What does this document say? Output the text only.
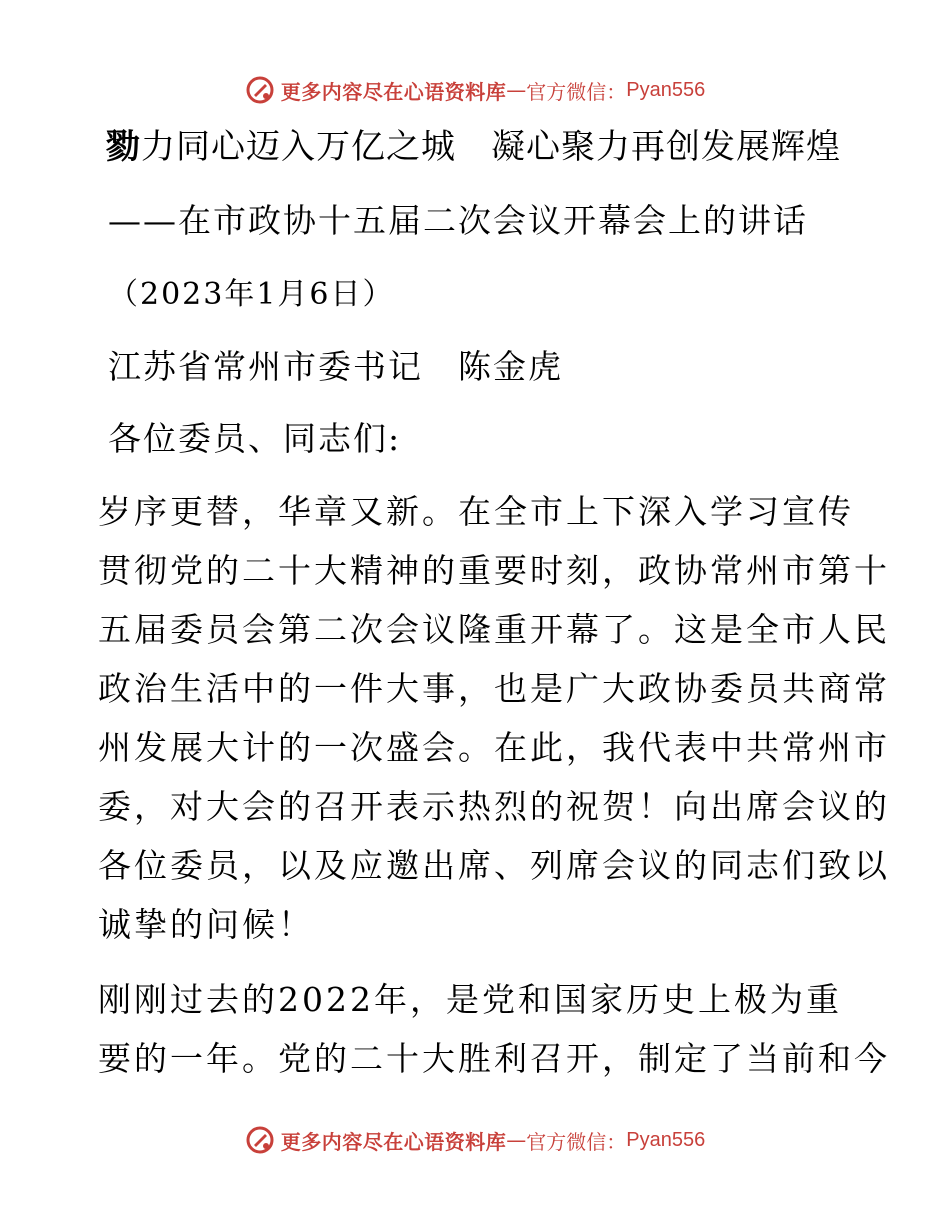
更多内容尽在心语资料库 — 官方微信： Pyan556
勠力同心迈入万亿之城　凝心聚力再创发展辉煌
——在市政协十五届二次会议开幕会上的讲话
（2023年1月6日）
江苏省常州市委书记　陈金虎
各位委员、同志们:
岁序更替，华章又新。在全市上下深入学习宣传
贯彻党的二十大精神的重要时刻，政协常州市第十
五届委员会第二次会议隆重开幕了。这是全市人民
政治生活中的一件大事，也是广大政协委员共商常
州发展大计的一次盛会。在此，我代表中共常州市
委，对大会的召开表示热烈的祝贺！向出席会议的
各位委员，以及应邀出席、列席会议的同志们致以
诚挚的问候！
刚刚过去的2022年，是党和国家历史上极为重
要的一年。党的二十大胜利召开，制定了当前和今
更多内容尽在心语资料库 — 官方微信： Pyan556
